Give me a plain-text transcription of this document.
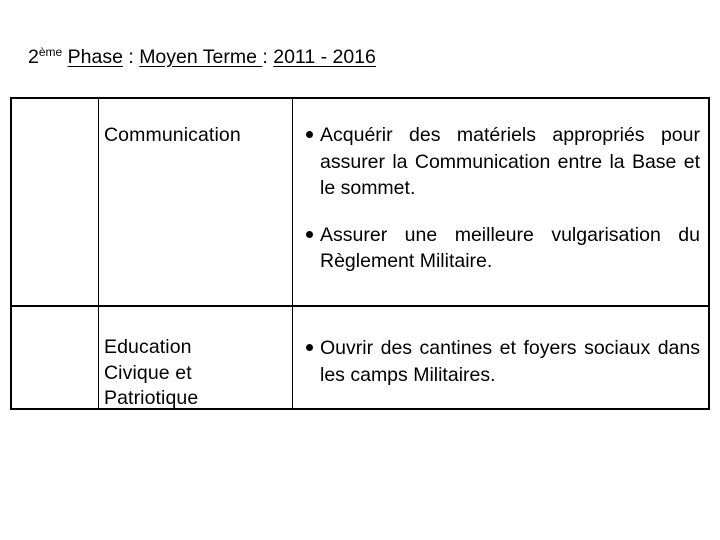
2ème Phase : Moyen Terme : 2011 - 2016

Communication	Acquérir des matériels appropriés pour assurer la Communication entre la Base et le sommet.
Assurer une meilleure vulgarisation du Règlement Militaire.

Education Civique et Patriotique

Ouvrir des cantines et foyers sociaux dans les camps Militaires.
